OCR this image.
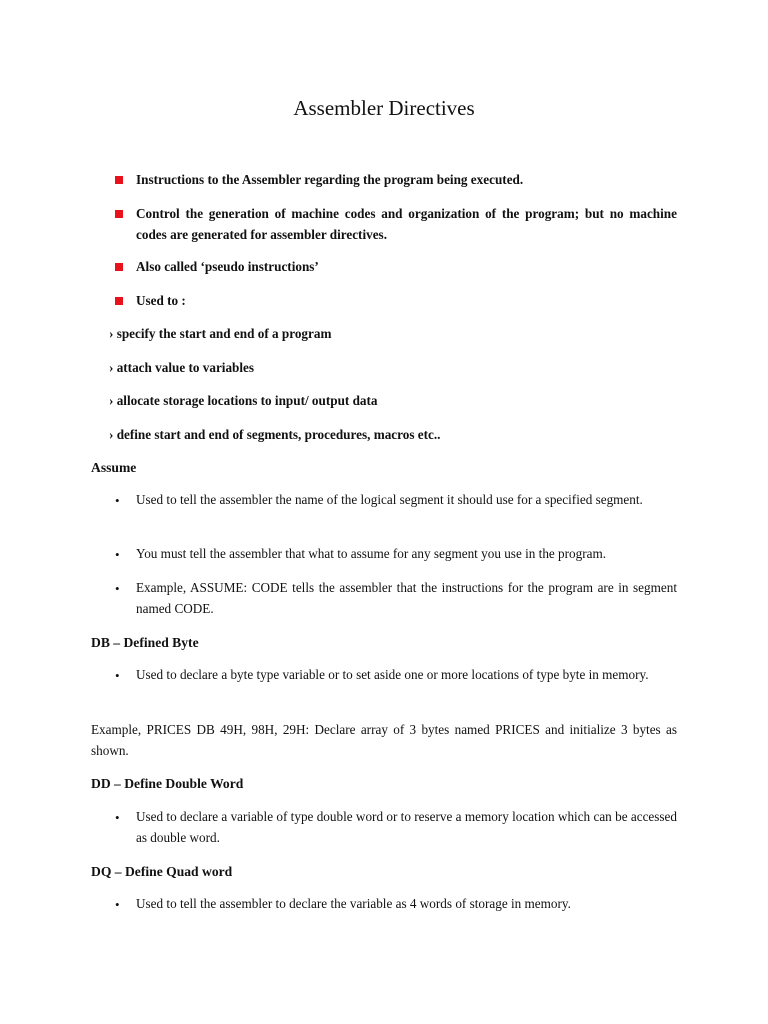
Assembler Directives
Instructions to the Assembler regarding the program being executed.
Control the generation of machine codes and organization of the program; but no machine codes are generated for assembler directives.
Also called ‘pseudo instructions’
Used to :
› specify the start and end of a program
› attach value to variables
› allocate storage locations to input/ output data
› define start and end of segments, procedures, macros etc..
Assume
• Used to tell the assembler the name of the logical segment it should use for a specified segment.
• You must tell the assembler that what to assume for any segment you use in the program.
• Example, ASSUME: CODE tells the assembler that the instructions for the program are in segment named CODE.
DB – Defined Byte
• Used to declare a byte type variable or to set aside one or more locations of type byte in memory.
Example, PRICES DB 49H, 98H, 29H: Declare array of 3 bytes named PRICES and initialize 3 bytes as shown.
DD – Define Double Word
• Used to declare a variable of type double word or to reserve a memory location which can be accessed as double word.
DQ – Define Quad word
• Used to tell the assembler to declare the variable as 4 words of storage in memory.
